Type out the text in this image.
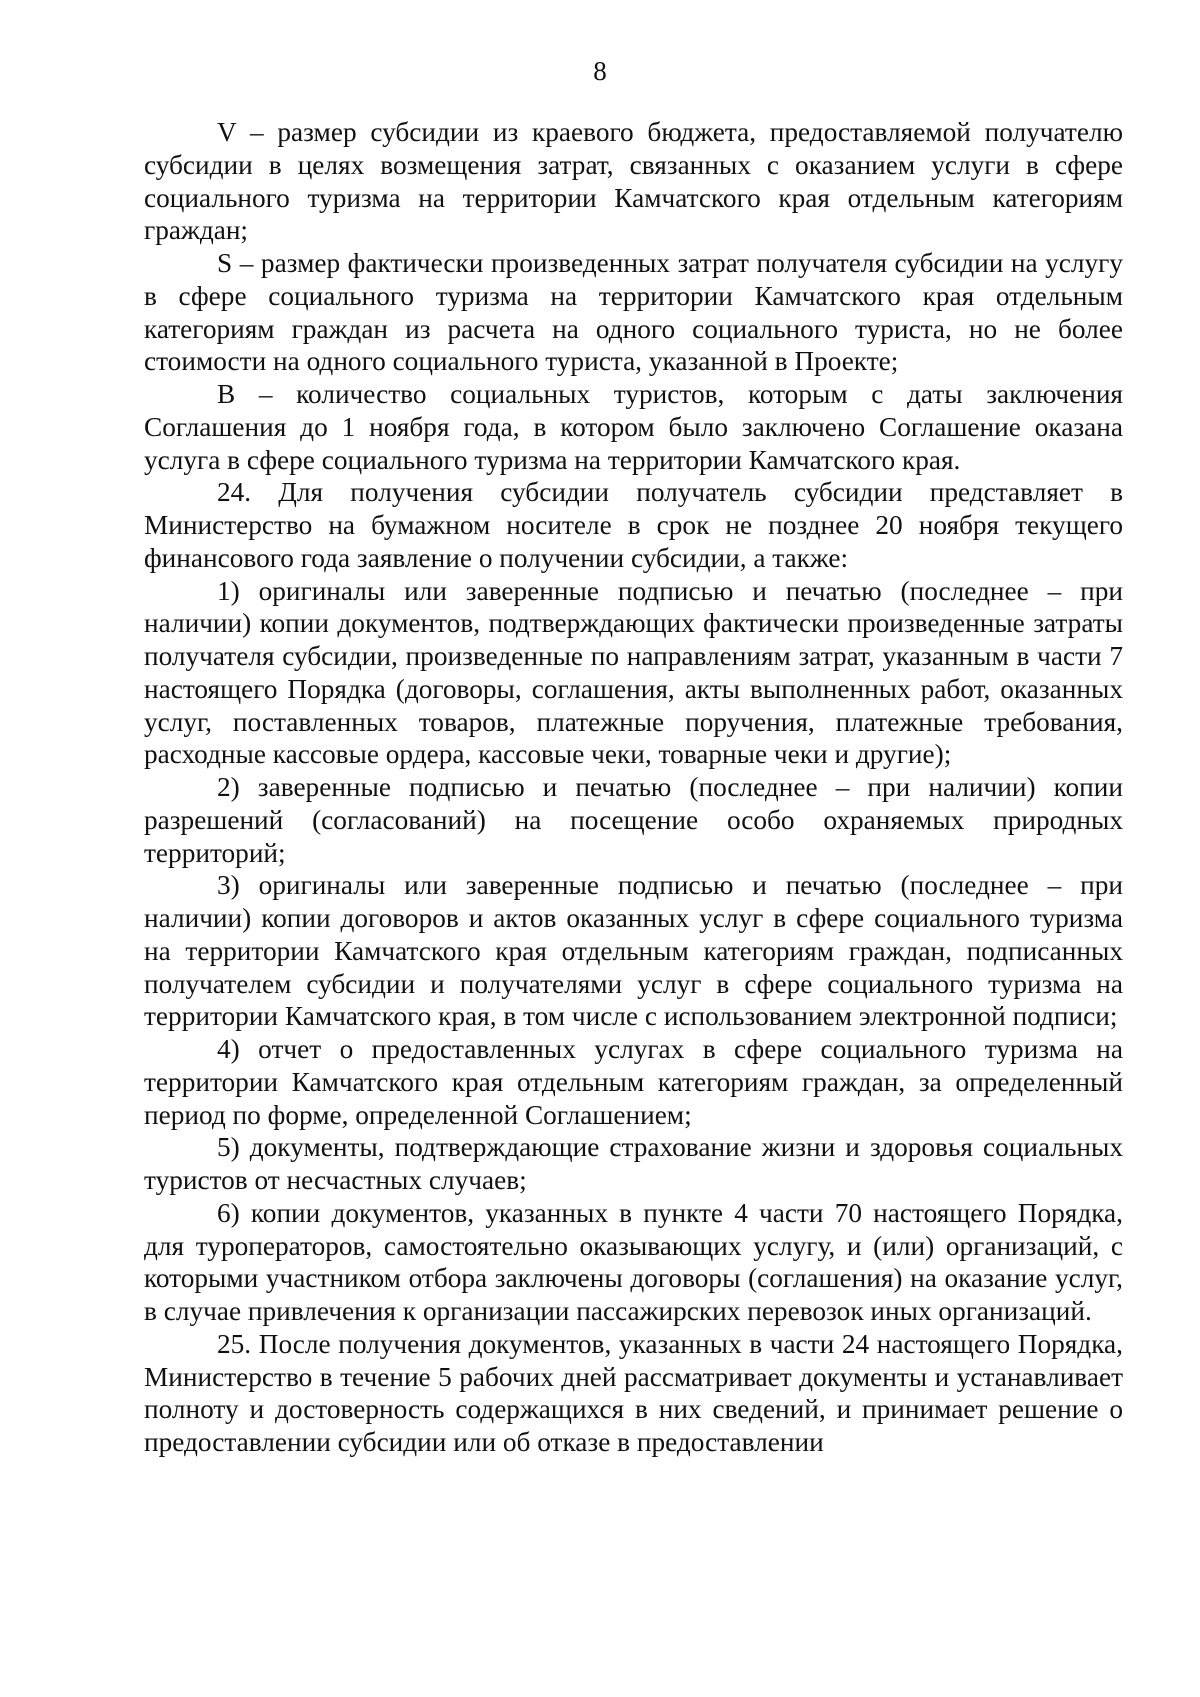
8

V – размер субсидии из краевого бюджета, предоставляемой получателю субсидии в целях возмещения затрат, связанных с оказанием услуги в сфере социального туризма на территории Камчатского края отдельным категориям граждан;

S – размер фактически произведенных затрат получателя субсидии на услугу в сфере социального туризма на территории Камчатского края отдельным категориям граждан из расчета на одного социального туриста, но не более стоимости на одного социального туриста, указанной в Проекте;

B – количество социальных туристов, которым с даты заключения Соглашения до 1 ноября года, в котором было заключено Соглашение оказана услуга в сфере социального туризма на территории Камчатского края.

24. Для получения субсидии получатель субсидии представляет в Министерство на бумажном носителе в срок не позднее 20 ноября текущего финансового года заявление о получении субсидии, а также:

1) оригиналы или заверенные подписью и печатью (последнее – при наличии) копии документов, подтверждающих фактически произведенные затраты получателя субсидии, произведенные по направлениям затрат, указанным в части 7 настоящего Порядка (договоры, соглашения, акты выполненных работ, оказанных услуг, поставленных товаров, платежные поручения, платежные требования, расходные кассовые ордера, кассовые чеки, товарные чеки и другие);

2) заверенные подписью и печатью (последнее – при наличии) копии разрешений (согласований) на посещение особо охраняемых природных территорий;

3) оригиналы или заверенные подписью и печатью (последнее – при наличии) копии договоров и актов оказанных услуг в сфере социального туризма на территории Камчатского края отдельным категориям граждан, подписанных получателем субсидии и получателями услуг в сфере социального туризма на территории Камчатского края, в том числе с использованием электронной подписи;

4) отчет о предоставленных услугах в сфере социального туризма на территории Камчатского края отдельным категориям граждан, за определенный период по форме, определенной Соглашением;

5) документы, подтверждающие страхование жизни и здоровья социальных туристов от несчастных случаев;

6) копии документов, указанных в пункте 4 части 70 настоящего Порядка, для туроператоров, самостоятельно оказывающих услугу, и (или) организаций, с которыми участником отбора заключены договоры (соглашения) на оказание услуг, в случае привлечения к организации пассажирских перевозок иных организаций.

25. После получения документов, указанных в части 24 настоящего Порядка, Министерство в течение 5 рабочих дней рассматривает документы и устанавливает полноту и достоверность содержащихся в них сведений, и принимает решение о предоставлении субсидии или об отказе в предоставлении
